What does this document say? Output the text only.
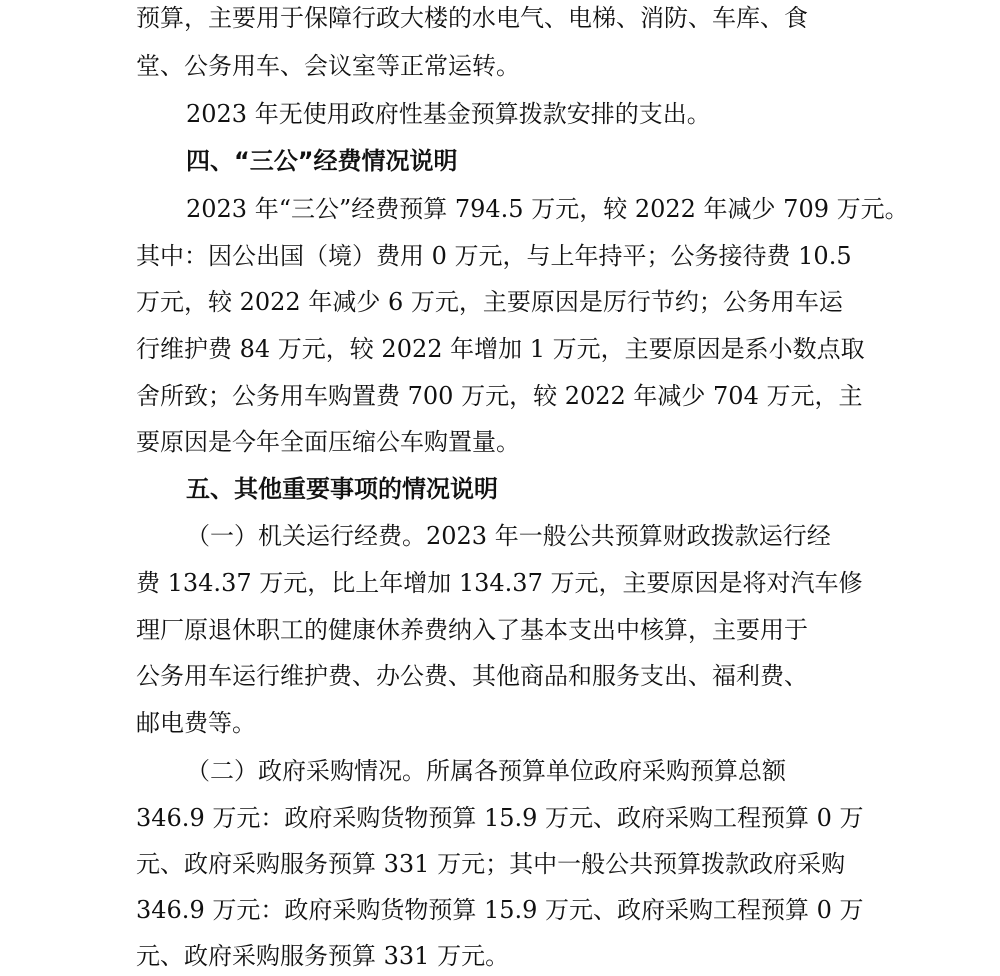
预算，主要用于保障行政大楼的水电气、电梯、消防、车库、食
堂、公务用车、会议室等正常运转。
2023 年无使用政府性基金预算拨款安排的支出。
四、“三公”经费情况说明
2023 年“三公”经费预算 794.5 万元，较 2022 年减少 709 万元。
其中：因公出国（境）费用 0 万元，与上年持平；公务接待费 10.5
万元，较 2022 年减少 6 万元，主要原因是厉行节约；公务用车运
行维护费 84 万元，较 2022 年增加 1 万元，主要原因是系小数点取
舍所致；公务用车购置费 700 万元，较 2022 年减少 704 万元，主
要原因是今年全面压缩公车购置量。
五、其他重要事项的情况说明
（一）机关运行经费。2023 年一般公共预算财政拨款运行经
费 134.37 万元，比上年增加 134.37 万元，主要原因是将对汽车修
理厂原退休职工的健康休养费纳入了基本支出中核算，主要用于
公务用车运行维护费、办公费、其他商品和服务支出、福利费、
邮电费等。
（二）政府采购情况。所属各预算单位政府采购预算总额
346.9 万元：政府采购货物预算 15.9 万元、政府采购工程预算 0 万
元、政府采购服务预算 331 万元；其中一般公共预算拨款政府采购
346.9 万元：政府采购货物预算 15.9 万元、政府采购工程预算 0 万
元、政府采购服务预算 331 万元。
